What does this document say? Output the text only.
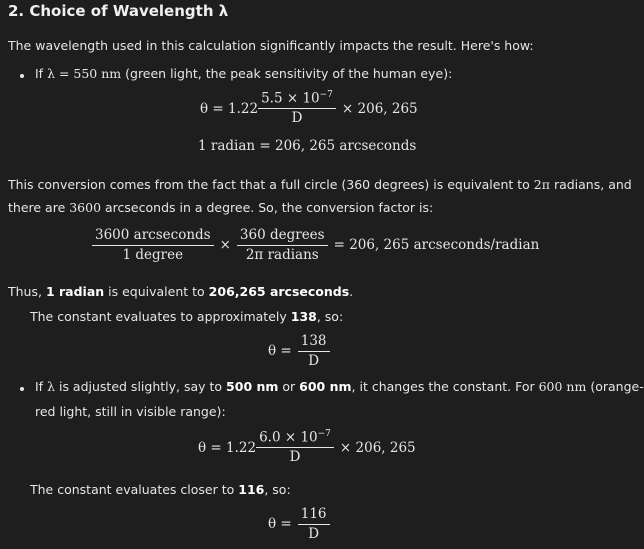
2. Choice of Wavelength λ
The wavelength used in this calculation significantly impacts the result. Here's how:
If λ = 550 nm (green light, the peak sensitivity of the human eye):
$\theta = 1.22 \frac{5.5 \times 10^{-7}}{D} \times 206$, 265
1 radian = 206, 265 arcseconds
This conversion comes from the fact that a full circle (360 degrees) is equivalent to 2π radians, and
there are 3600 arcseconds in a degree. So, the conversion factor is:
$\frac{\text{3600 arcseconds}}{\text{1 degree}} \times \frac{\text{360 degrees}}{\text{2π radians}} = 206$, 265 arcseconds/radian
Thus, 1 radian is equivalent to 206,265 arcseconds.
The constant evaluates to approximately 138, so:
$\theta = \frac{138}{D}$
If λ is adjusted slightly, say to 500 nm or 600 nm, it changes the constant. For 600 nm (orange-
red light, still in visible range):
$\theta = 1.22 \frac{6.0 \times 10^{-7}}{D} \times 206$, 265
The constant evaluates closer to 116, so:
$\theta = \frac{116}{D}$
